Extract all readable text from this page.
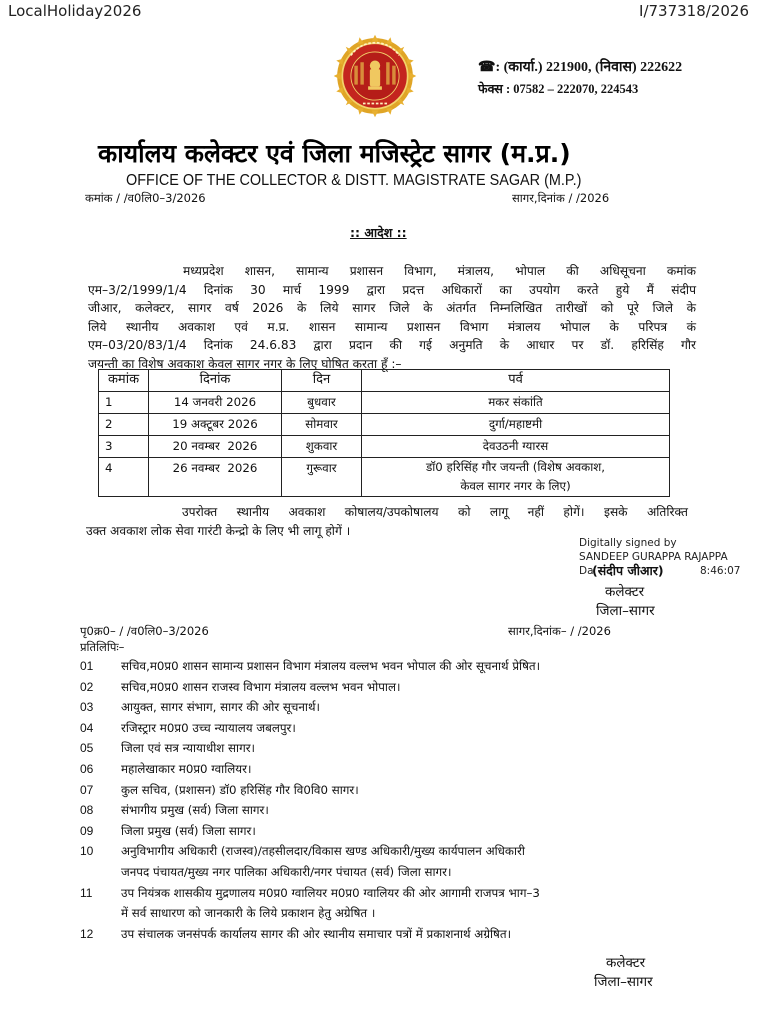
LocalHoliday2026	I/737318/2026
☎: (कार्या.) 221900, (निवास) 222622
फेक्स : 07582 – 222070, 224543
कार्यालय कलेक्टर एवं जिला मजिस्ट्रेट सागर (म.प्र.)
OFFICE OF THE COLLECTOR & DISTT. MAGISTRATE SAGAR (M.P.)
कमांक / /व0लि0–3/2026	सागर,दिनांक / /2026
:: आदेश ::
मध्यप्रदेश शासन, सामान्य प्रशासन विभाग, मंत्रालय, भोपाल की अधिसूचना कमांक
एम–3/2/1999/1/4 दिनांक 30 मार्च 1999 द्वारा प्रदत्त अधिकारों का उपयोग करते हुये मैं संदीप
जीआर, कलेक्टर, सागर वर्ष 2026 के लिये सागर जिले के अंतर्गत निम्नलिखित तारीखों को पूरे जिले के
लिये स्थानीय अवकाश एवं म.प्र. शासन सामान्य प्रशासन विभाग मंत्रालय भोपाल के परिपत्र कं
एम–03/20/83/1/4 दिनांक 24.6.83 द्वारा प्रदान की गई अनुमति के आधार पर डॉ. हरिसिंह गौर
जयन्ती का विशेष अवकाश केवल सागर नगर के लिए घोषित करता हूँ :–
कमांक	दिनांक	दिन	पर्व
1	14 जनवरी 2026	बुधवार	मकर संकांति
2	19 अक्टूबर 2026	सोमवार	दुर्गा/महाष्टमी
3	20 नवम्बर  2026	शुकवार	देवउठनी ग्यारस
4	26 नवम्बर  2026	गुरूवार	डॉ0 हरिसिंह गौर जयन्ती (विशेष अवकाश,
केवल सागर नगर के लिए)
उपरोक्त स्थानीय अवकाश कोषालय/उपकोषालय को लागू नहीं होगें। इसके अतिरिक्त
उक्त अवकाश लोक सेवा गारंटी केन्द्रो के लिए भी लागू होगें ।
Digitally signed by
SANDEEP GURAPPA RAJAPPA
Da	8:46:07
(संदीप जीआर)
कलेक्टर
जिला–सागर
पृ0क्र0– / /व0लि0–3/2026	सागर,दिनांक– / /2026
प्रतिलिपिः–
01	सचिव,म0प्र0 शासन सामान्य प्रशासन विभाग मंत्रालय वल्लभ भवन भोपाल की ओर सूचनार्थ प्रेषित।
02	सचिव,म0प्र0 शासन राजस्व विभाग मंत्रालय वल्लभ भवन भोपाल।
03	आयुक्त, सागर संभाग, सागर की ओर सूचनार्थ।
04	रजिस्ट्रार म0प्र0 उच्च न्यायालय जबलपुर।
05	जिला एवं सत्र न्यायाधीश सागर।
06	महालेखाकार म0प्र0 ग्वालियर।
07	कुल सचिव, (प्रशासन) डॉ0 हरिसिंह गौर वि0वि0 सागर।
08	संभागीय प्रमुख (सर्व) जिला सागर।
09	जिला प्रमुख (सर्व) जिला सागर।
10	अनुविभागीय अधिकारी (राजस्व)/तहसीलदार/विकास खण्ड अधिकारी/मुख्य कार्यपालन अधिकारी
जनपद पंचायत/मुख्य नगर पालिका अधिकारी/नगर पंचायत (सर्व) जिला सागर।
11	उप नियंत्रक शासकीय मुद्रणालय म0प्र0 ग्वालियर म0प्र0 ग्वालियर की ओर आगामी राजपत्र भाग–3
में सर्व साधारण को जानकारी के लिये प्रकाशन हेतु अग्रेषित ।
12	उप संचालक जनसंपर्क कार्यालय सागर की ओर स्थानीय समाचार पत्रों में प्रकाशनार्थ अग्रेषित।
कलेक्टर
जिला–सागर
